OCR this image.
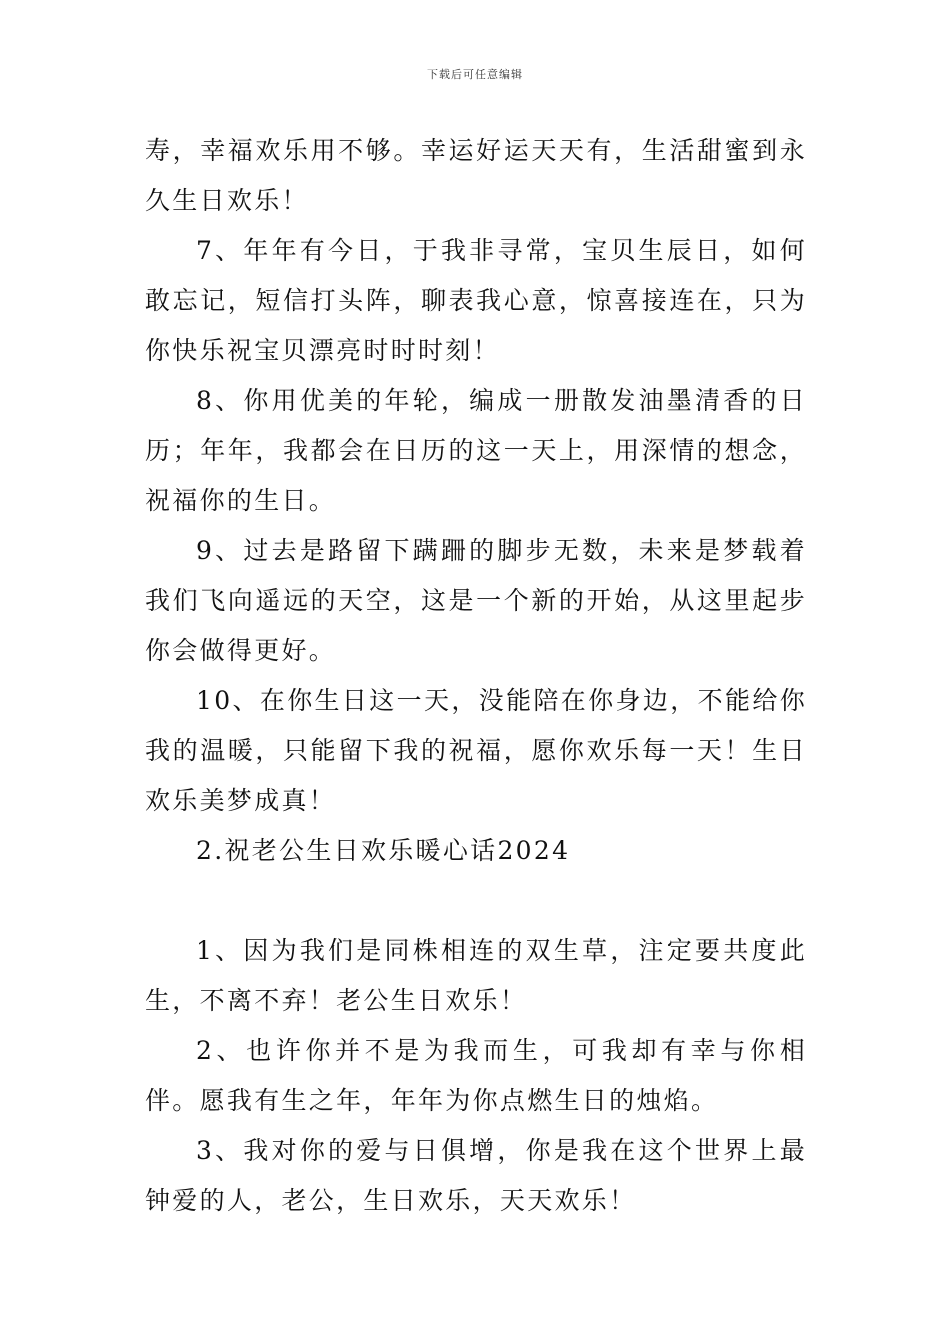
下载后可任意编辑

寿，幸福欢乐用不够。幸运好运天天有，生活甜蜜到永久生日欢乐！

7、年年有今日，于我非寻常，宝贝生辰日，如何敢忘记，短信打头阵，聊表我心意，惊喜接连在，只为你快乐祝宝贝漂亮时时时刻！

8、你用优美的年轮，编成一册散发油墨清香的日历；年年，我都会在日历的这一天上，用深情的想念，祝福你的生日。

9、过去是路留下蹒跚的脚步无数，未来是梦载着我们飞向遥远的天空，这是一个新的开始，从这里起步你会做得更好。

10、在你生日这一天，没能陪在你身边，不能给你我的温暖，只能留下我的祝福，愿你欢乐每一天！生日欢乐美梦成真！

2.祝老公生日欢乐暖心话2024

1、因为我们是同株相连的双生草，注定要共度此生，不离不弃！老公生日欢乐！

2、也许你并不是为我而生，可我却有幸与你相伴。愿我有生之年，年年为你点燃生日的烛焰。

3、我对你的爱与日俱增，你是我在这个世界上最钟爱的人，老公，生日欢乐，天天欢乐！
